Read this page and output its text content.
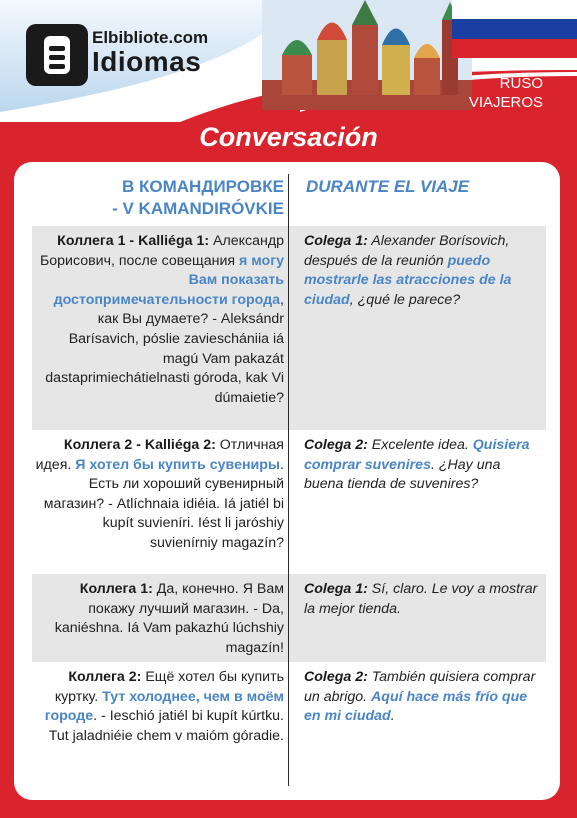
Elbibliote.com
Idiomas
RUSO
VIAJEROS
Conversación
В КОМАНДИРОВКЕ
- V KAMANDIRÓVKIE
DURANTE EL VIAJE
Коллега 1 - Kalliéga 1: Александр Борисович, после совещания я могу Вам показать достопримечательности города, как Вы думаете? - Aleksándr Barísavich, póslie zavieschániia iá magú Vam pakazát dastaprimiechátielnasti góroda, kak Vi dúmaietie?
Colega 1: Alexander Borísovich, después de la reunión puedo mostrarle las atracciones de la ciudad, ¿qué le parece?
Коллега 2 - Kalliéga 2: Отличная идея. Я хотел бы купить сувениры. Есть ли хороший сувенирный магазин? - Atlíchnaia idiéia. Iá jatiél bi kupít suvieníri. Iést li jaróshiy suvienírniy magazín?
Colega 2: Excelente idea. Quisiera comprar suvenires. ¿Hay una buena tienda de suvenires?
Коллега 1: Да, конечно. Я Вам покажу лучший магазин. - Da, kaniéshna. Iá Vam pakazhú lúchshiy magazín!
Colega 1: Sí, claro. Le voy a mostrar la mejor tienda.
Коллега 2: Ещё хотел бы купить куртку. Тут холоднее, чем в моём городе. - Ieschió jatiél bi kupít kúrtku. Tut jaladniéie chem v maióm góradie.
Colega 2: También quisiera comprar un abrigo. Aquí hace más frío que en mi ciudad.
